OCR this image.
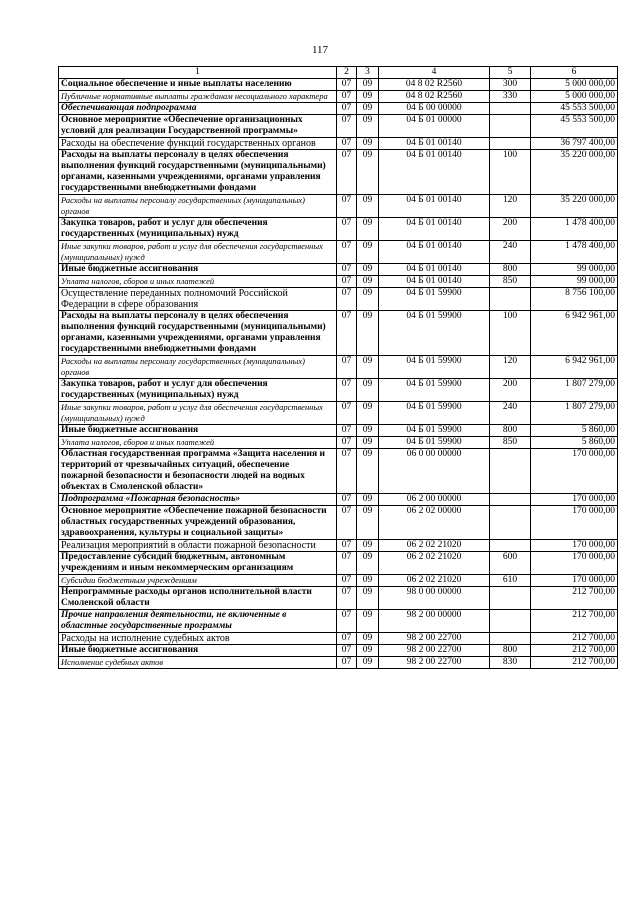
117
1	2	3	4	5	6
Социальное обеспечение и иные выплаты населению	07	09	04 8 02 R2560	300	5 000 000,00
Публичные нормативные выплаты гражданам несоциального характера	07	09	04 8 02 R2560	330	5 000 000,00
Обеспечивающая подпрограмма	07	09	04 Б 00 00000		45 553 500,00
Основное мероприятие «Обеспечение организационных условий для реализации Государственной программы»	07	09	04 Б 01 00000		45 553 500,00
Расходы на обеспечение функций государственных органов	07	09	04 Б 01 00140		36 797 400,00
Расходы на выплаты персоналу в целях обеспечения выполнения функций государственными (муниципальными) органами, казенными учреждениями, органами управления государственными внебюджетными фондами	07	09	04 Б 01 00140	100	35 220 000,00
Расходы на выплаты персоналу государственных (муниципальных) органов	07	09	04 Б 01 00140	120	35 220 000,00
Закупка товаров, работ и услуг для обеспечения государственных (муниципальных) нужд	07	09	04 Б 01 00140	200	1 478 400,00
Иные закупки товаров, работ и услуг для обеспечения государственных (муниципальных) нужд	07	09	04 Б 01 00140	240	1 478 400,00
Иные бюджетные ассигнования	07	09	04 Б 01 00140	800	99 000,00
Уплата налогов, сборов и иных платежей	07	09	04 Б 01 00140	850	99 000,00
Осуществление переданных полномочий Российской Федерации в сфере образования	07	09	04 Б 01 59900		8 756 100,00
Расходы на выплаты персоналу в целях обеспечения выполнения функций государственными (муниципальными) органами, казенными учреждениями, органами управления государственными внебюджетными фондами	07	09	04 Б 01 59900	100	6 942 961,00
Расходы на выплаты персоналу государственных (муниципальных) органов	07	09	04 Б 01 59900	120	6 942 961,00
Закупка товаров, работ и услуг для обеспечения государственных (муниципальных) нужд	07	09	04 Б 01 59900	200	1 807 279,00
Иные закупки товаров, работ и услуг для обеспечения государственных (муниципальных) нужд	07	09	04 Б 01 59900	240	1 807 279,00
Иные бюджетные ассигнования	07	09	04 Б 01 59900	800	5 860,00
Уплата налогов, сборов и иных платежей	07	09	04 Б 01 59900	850	5 860,00
Областная государственная программа «Защита населения и территорий от чрезвычайных ситуаций, обеспечение пожарной безопасности и безопасности людей на водных объектах в Смоленской области»	07	09	06 0 00 00000		170 000,00
Подпрограмма «Пожарная безопасность»	07	09	06 2 00 00000		170 000,00
Основное мероприятие «Обеспечение пожарной безопасности областных государственных учреждений образования, здравоохранения, культуры и социальной защиты»	07	09	06 2 02 00000		170 000,00
Реализация мероприятий в области пожарной безопасности	07	09	06 2 02 21020		170 000,00
Предоставление субсидий бюджетным, автономным учреждениям и иным некоммерческим организациям	07	09	06 2 02 21020	600	170 000,00
Субсидии бюджетным учреждениям	07	09	06 2 02 21020	610	170 000,00
Непрограммные расходы органов исполнительной власти Смоленской области	07	09	98 0 00 00000		212 700,00
Прочие направления деятельности, не включенные в областные государственные программы	07	09	98 2 00 00000		212 700,00
Расходы на исполнение судебных актов	07	09	98 2 00 22700		212 700,00
Иные бюджетные ассигнования	07	09	98 2 00 22700	800	212 700,00
Исполнение судебных актов	07	09	98 2 00 22700	830	212 700,00
